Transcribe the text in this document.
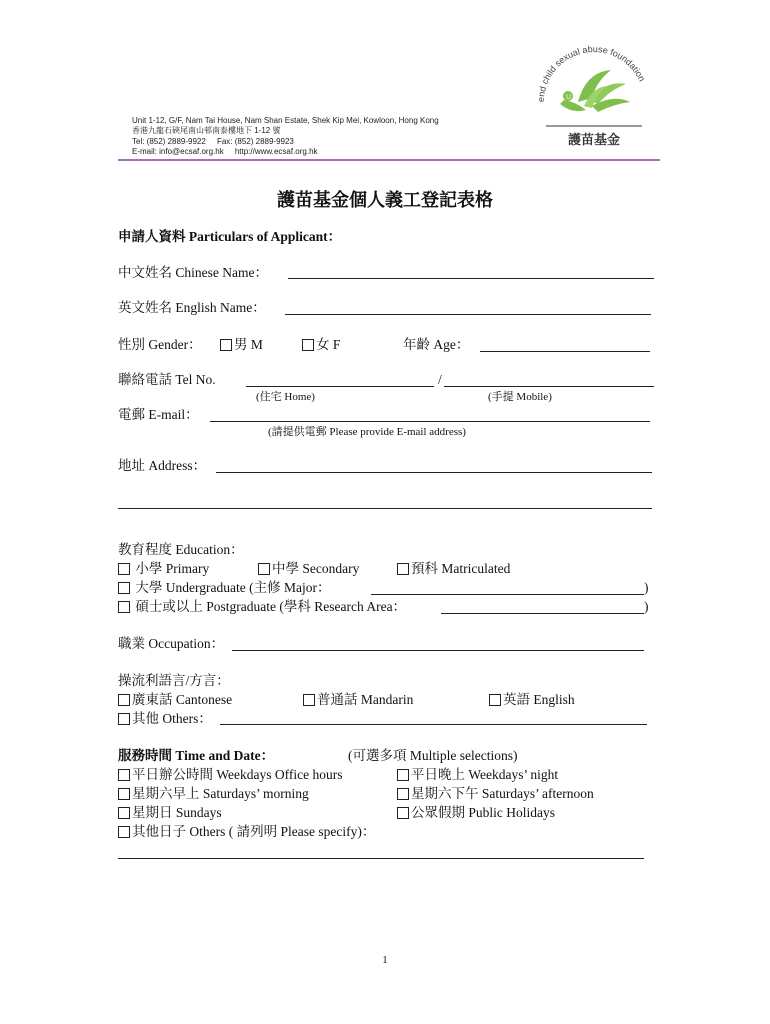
Unit 1-12, G/F, Nam Tai House, Nam Shan Estate, Shek Kip Mei, Kowloon, Hong Kong
香港九龍石硤尾南山邨南泰樓地下 1-12 號
Tel: (852) 2889-9922     Fax: (852) 2889-9923
E-mail: info@ecsaf.org.hk     http://www.ecsaf.org.hk
end child sexual abuse foundation
U
護苗基金
護苗基金個人義工登記表格
申請人資料 Particulars of Applicant：
中文姓名 Chinese Name：
英文姓名 English Name：
性別 Gender：	男 M	女 F	年齡 Age：
聯絡電話 Tel No.	/
(住宅 Home)	(手提 Mobile)
電郵 E-mail：
(請提供電郵 Please provide E-mail address)
地址 Address：
教育程度 Education：
小學 Primary	中學 Secondary	預科 Matriculated
大學 Undergraduate (主修 Major：	)
碩士或以上 Postgraduate (學科 Research Area：	)
職業 Occupation：
操流利語言/方言：
廣東話 Cantonese	普通話 Mandarin	英語 English
其他 Others：
服務時間 Time and Date：	(可選多項 Multiple selections)
平日辦公時間 Weekdays Office hours	平日晚上 Weekdays’ night
星期六早上 Saturdays’ morning	星期六下午 Saturdays’ afternoon
星期日 Sundays	公眾假期 Public Holidays
其他日子 Others ( 請列明 Please specify)：
1
